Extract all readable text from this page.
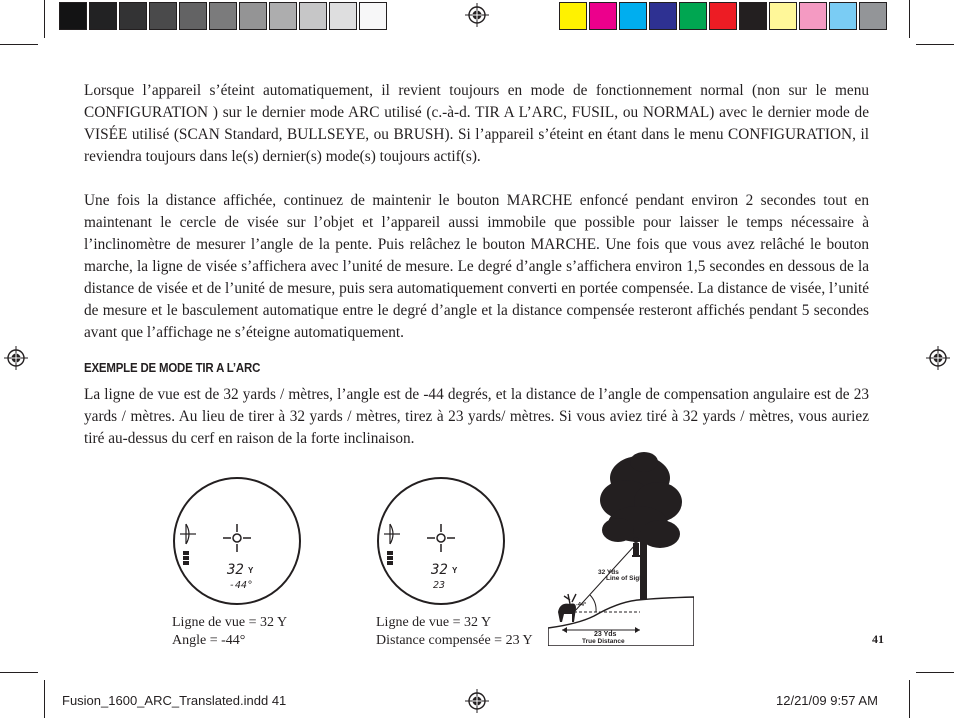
Lorsque l’appareil s’éteint automatiquement, il revient toujours en mode de fonctionnement normal (non sur le menu CONFIGURATION ) sur le dernier mode ARC utilisé (c.-à-d. TIR A L’ARC, FUSIL, ou NORMAL) avec le dernier mode de VISÉE utilisé (SCAN Standard, BULLSEYE, ou BRUSH). Si l’appareil s’éteint en étant dans le menu CONFIGURATION, il reviendra toujours dans le(s) dernier(s) mode(s) toujours actif(s).

Une fois la distance affichée, continuez de maintenir le bouton MARCHE enfoncé pendant environ 2 secondes tout en maintenant le cercle de visée sur l’objet et l’appareil aussi immobile que possible pour laisser le temps nécessaire à l’inclinomètre de mesurer l’angle de la pente. Puis relâchez le bouton MARCHE. Une fois que vous avez relâché le bouton marche, la ligne de visée s’affichera avec l’unité de mesure. Le degré d’angle s’affichera environ 1,5 secondes en dessous de la distance de visée et de l’unité de mesure, puis sera automatiquement converti en portée compensée. La distance de visée, l’unité de mesure et le basculement automatique entre le degré d’angle et la distance compensée resteront affichés pendant 5 secondes avant que l’affichage ne s’éteigne automatiquement.

EXEMPLE DE MODE TIR A L’ARC

La ligne de vue est de 32 yards / mètres, l’angle est de -44 degrés, et la distance de l’angle de compensation angulaire est de 23 yards / mètres. Au lieu de tirer à 32 yards / mètres, tirez à 23 yards/ mètres. Si vous aviez tiré à 32 yards / mètres, vous auriez tiré au-dessus du cerf en raison de la forte inclinaison.

32 Y
-44°
32 Y
23
Ligne de vue = 32 Y
Angle = -44°
Ligne de vue = 32 Y
Distance compensée = 23 Y
32 Yds
Line of Sight
-44°
23 Yds
True Distance	41
Fusion_1600_ARC_Translated.indd 41	12/21/09 9:57 AM
